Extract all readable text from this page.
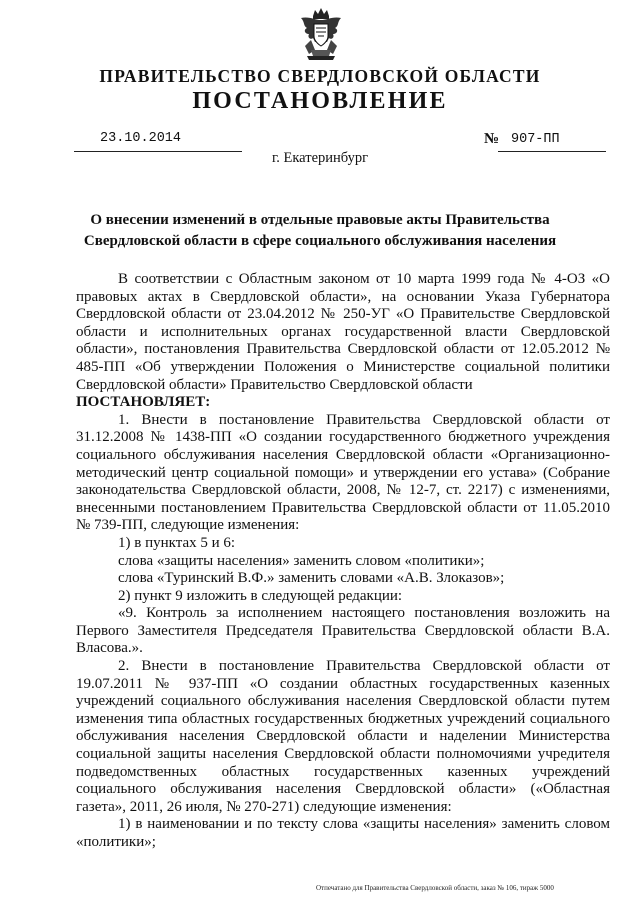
ПРАВИТЕЛЬСТВО СВЕРДЛОВСКОЙ ОБЛАСТИ
ПОСТАНОВЛЕНИЕ
23.10.2014	№ 907-ПП
г. Екатеринбург
О внесении изменений в отдельные правовые акты Правительства
Свердловской области в сфере социального обслуживания населения

В соответствии с Областным законом от 10 марта 1999 года № 4-ОЗ «О правовых актах в Свердловской области», на основании Указа Губернатора Свердловской области от 23.04.2012 № 250-УГ «О Правительстве Свердловской области и исполнительных органах государственной власти Свердловской области», постановления Правительства Свердловской области от 12.05.2012 № 485-ПП «Об утверждении Положения о Министерстве социальной политики Свердловской области» Правительство Свердловской области

ПОСТАНОВЛЯЕТ:

1. Внести в постановление Правительства Свердловской области от 31.12.2008 № 1438-ПП «О создании государственного бюджетного учреждения социального обслуживания населения Свердловской области «Организационно-методический центр социальной помощи» и утверждении его устава» (Собрание законодательства Свердловской области, 2008, № 12-7, ст. 2217) с изменениями, внесенными постановлением Правительства Свердловской области от 11.05.2010 № 739-ПП, следующие изменения:

1) в пунктах 5 и 6:

слова «защиты населения» заменить словом «политики»;

слова «Туринский В.Ф.» заменить словами «А.В. Злоказов»;

2) пункт 9 изложить в следующей редакции:

«9. Контроль за исполнением настоящего постановления возложить на Первого Заместителя Председателя Правительства Свердловской области В.А. Власова.».

2. Внести в постановление Правительства Свердловской области от 19.07.2011 № 937-ПП «О создании областных государственных казенных учреждений социального обслуживания населения Свердловской области путем изменения типа областных государственных бюджетных учреждений социального обслуживания населения Свердловской области и наделении Министерства социальной защиты населения Свердловской области полномочиями учредителя подведомственных областных государственных казенных учреждений социального обслуживания населения Свердловской области» («Областная газета», 2011, 26 июля, № 270-271) следующие изменения:

1) в наименовании и по тексту слова «защиты населения» заменить словом «политики»;

Отпечатано для Правительства Свердловской области, заказ № 106, тираж 5000
